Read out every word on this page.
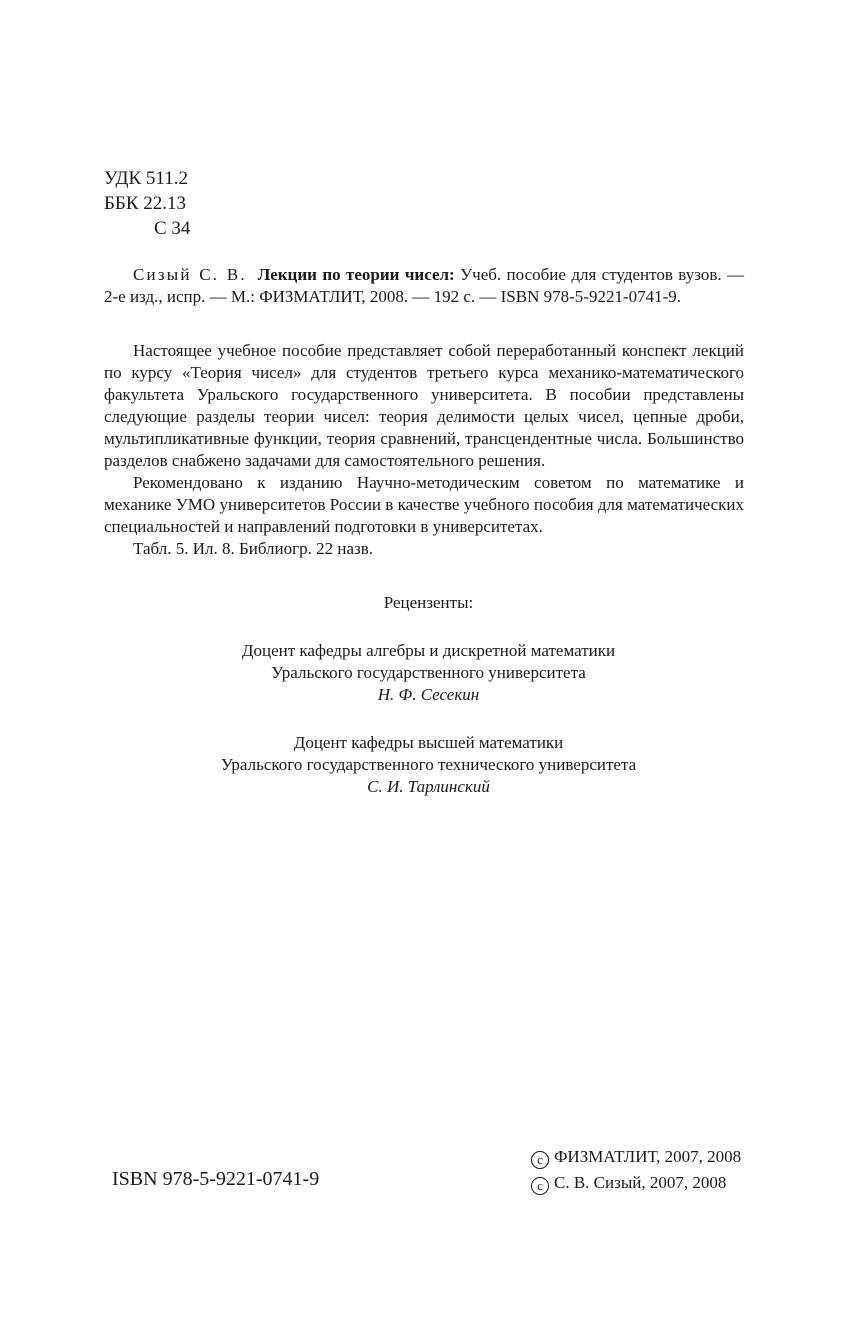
УДК 511.2
ББК 22.13
С 34
Сизый С. В. Лекции по теории чисел: Учеб. пособие для студентов вузов. — 2-е изд., испр. — М.: ФИЗМАТЛИТ, 2008. — 192 с. — ISBN 978-5-9221-0741-9.

Настоящее учебное пособие представляет собой переработанный конспект лекций по курсу «Теория чисел» для студентов третьего курса механико-математического факультета Уральского государственного университета. В пособии представлены следующие разделы теории чисел: теория делимости целых чисел, цепные дроби, мультипликативные функции, теория сравнений, трансцендентные числа. Большинство разделов снабжено задачами для самостоятельного решения.

Рекомендовано к изданию Научно-методическим советом по математике и механике УМО университетов России в качестве учебного пособия для математических специальностей и направлений подготовки в университетах.

Табл. 5. Ил. 8. Библиогр. 22 назв.

Рецензенты:
Доцент кафедры алгебры и дискретной математики
Уральского государственного университета
Н. Ф. Сесекин
Доцент кафедры высшей математики
Уральского государственного технического университета
С. И. Тарлинский
ISBN 978-5-9221-0741-9
c ФИЗМАТЛИТ, 2007, 2008
c С. В. Сизый, 2007, 2008
